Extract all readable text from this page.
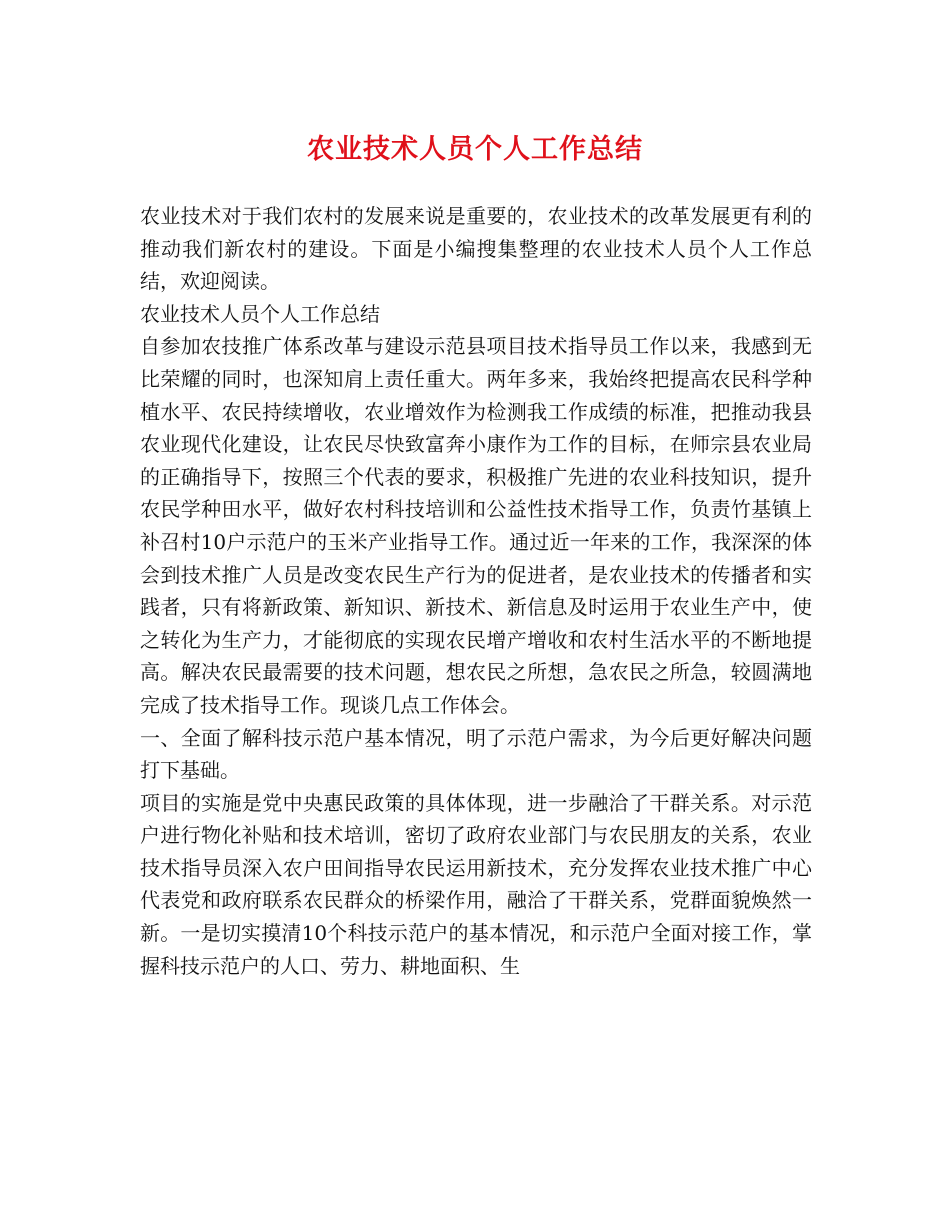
农业技术人员个人工作总结

农业技术对于我们农村的发展来说是重要的，农业技术的改革发展更有利的推动我们新农村的建设。下面是小编搜集整理的农业技术人员个人工作总结，欢迎阅读。

农业技术人员个人工作总结

自参加农技推广体系改革与建设示范县项目技术指导员工作以来，我感到无比荣耀的同时，也深知肩上责任重大。两年多来，我始终把提高农民科学种植水平、农民持续增收，农业增效作为检测我工作成绩的标准，把推动我县农业现代化建设，让农民尽快致富奔小康作为工作的目标，在师宗县农业局的正确指导下，按照三个代表的要求，积极推广先进的农业科技知识，提升农民学种田水平，做好农村科技培训和公益性技术指导工作，负责竹基镇上补召村10户示范户的玉米产业指导工作。通过近一年来的工作，我深深的体会到技术推广人员是改变农民生产行为的促进者，是农业技术的传播者和实践者，只有将新政策、新知识、新技术、新信息及时运用于农业生产中，使之转化为生产力，才能彻底的实现农民增产增收和农村生活水平的不断地提高。解决农民最需要的技术问题，想农民之所想，急农民之所急，较圆满地完成了技术指导工作。现谈几点工作体会。

一、全面了解科技示范户基本情况，明了示范户需求，为今后更好解决问题打下基础。

项目的实施是党中央惠民政策的具体体现，进一步融洽了干群关系。对示范户进行物化补贴和技术培训，密切了政府农业部门与农民朋友的关系，农业技术指导员深入农户田间指导农民运用新技术，充分发挥农业技术推广中心代表党和政府联系农民群众的桥梁作用，融洽了干群关系，党群面貌焕然一新。一是切实摸清10个科技示范户的基本情况，和示范户全面对接工作，掌握科技示范户的人口、劳力、耕地面积、生
